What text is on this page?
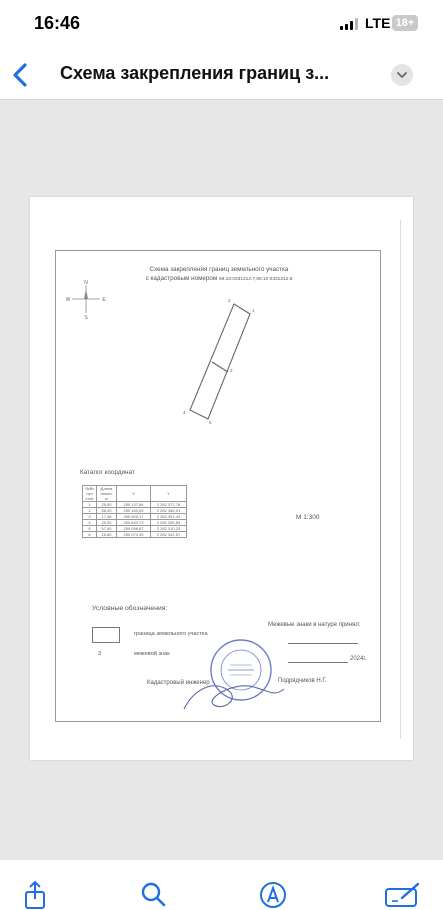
16:46	LTE 18+
Схема закрепления границ з...
Схема закрепления границ земельного участка
с кадастровым номером 69:10:0331212:7,69:10:0331212:8
N
S
W	E	2
1
3
4
5
Каталог координат
№№ пун ктов	Длина линии, м	X	Y
1	25,50	250 137,84	2 282 372,76
2	58,49	250 160,09	2 282 386,01
3	17,38	250 905,17	2 282 351,43
4	25,00	250 844,73	2 282 265,83
5	57,50	250 058,87	2 282 310,23
6	16,80	250 074,35	2 282 342,57
М 1:300
Условные обозначения:
граница земельного участка
3	межевой знак
Межевые знаки в натуре принял:
2024г.
Кадастровый инженер	Подрядчиков Н.Г.
